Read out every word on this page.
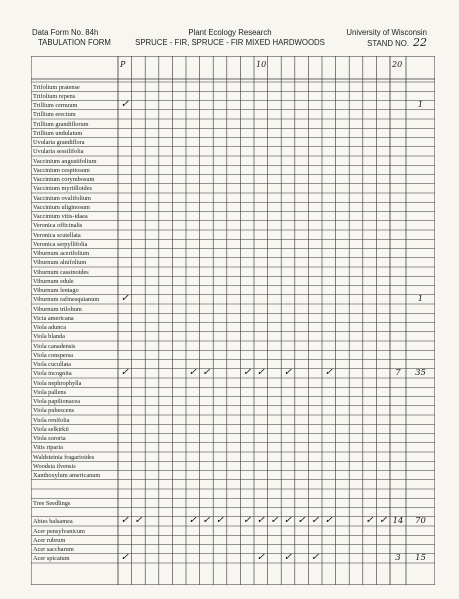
Data Form No. 84h
TABULATION FORM
Plant Ecology Research
SPRUCE - FIR, SPRUCE - FIR MIXED HARDWOODS
University of Wisconsin
STAND NO. 22
P	10	20
Trifolium pratense
Trifolium repens
Trillium cernuum	✓	1
Trillium erectum
Trillium grandiflorum
Trillium undulatum
Uvularia grandiflora
Uvularia sessilifolia
Vaccinium angustifolium
Vaccinium cespitosum
Vaccinium corymbosum
Vaccinium myrtilloides
Vaccinium ovalifolium
Vaccinium uliginosum
Vaccinium vitis-idaea
Veronica officinalis
Veronica scutellata
Veronica serpyllifolia
Viburnum acerifolium
Viburnum alnifolium
Viburnum cassinoides
Viburnum edule
Viburnum lentago
Viburnum rafinesquianum ✓	1
Viburnum trilobum
Vicia americana
Viola adunca
Viola blanda
Viola canadensis
Viola conspersa
Viola cucullata
Viola incognita	✓	✓ ✓	✓ ✓ ✓	✓	7	35
Viola nephrophylla
Viola pallens
Viola papilionacea
Viola pubescens
Viola renifolia
Viola selkirkii
Viola sororia
Vitis riparia
Waldsteinia fragarioides
Woodsia ilvensis
Xanthoxylum americanum
Tree Seedlings
Abies balsamea	✓ ✓	✓ ✓ ✓ ✓ ✓ ✓ ✓ ✓ ✓ ✓	✓ ✓ 14	70
Acer pensylvanicum
Acer rubrum
Acer saccharum
Acer spicatum	✓	✓ ✓ ✓	3	15
